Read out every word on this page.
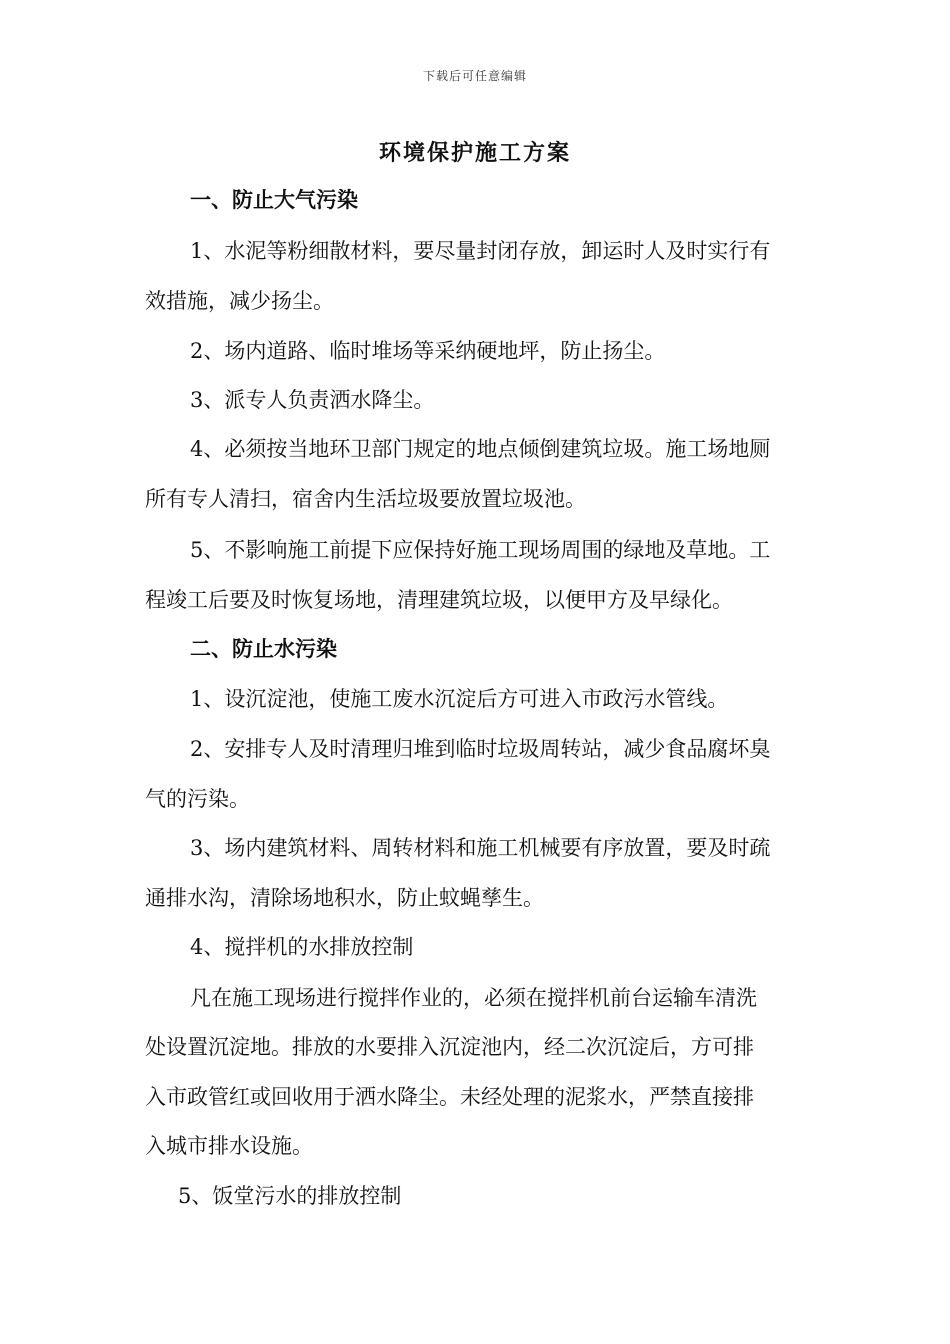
下载后可任意编辑
环境保护施工方案
一、防止大气污染
1、水泥等粉细散材料，要尽量封闭存放，卸运时人及时实行有
效措施，减少扬尘。
2、场内道路、临时堆场等采纳硬地坪，防止扬尘。
3、派专人负责洒水降尘。
4、必须按当地环卫部门规定的地点倾倒建筑垃圾。施工场地厕
所有专人清扫，宿舍内生活垃圾要放置垃圾池。
5、不影响施工前提下应保持好施工现场周围的绿地及草地。工
程竣工后要及时恢复场地，清理建筑垃圾，以便甲方及早绿化。
二、防止水污染
1、设沉淀池，使施工废水沉淀后方可进入市政污水管线。
2、安排专人及时清理归堆到临时垃圾周转站，减少食品腐坏臭
气的污染。
3、场内建筑材料、周转材料和施工机械要有序放置，要及时疏
通排水沟，清除场地积水，防止蚊蝇孳生。
4、搅拌机的水排放控制
凡在施工现场进行搅拌作业的，必须在搅拌机前台运输车清洗
处设置沉淀地。排放的水要排入沉淀池内，经二次沉淀后，方可排
入市政管红或回收用于洒水降尘。未经处理的泥浆水，严禁直接排
入城市排水设施。
5、饭堂污水的排放控制
